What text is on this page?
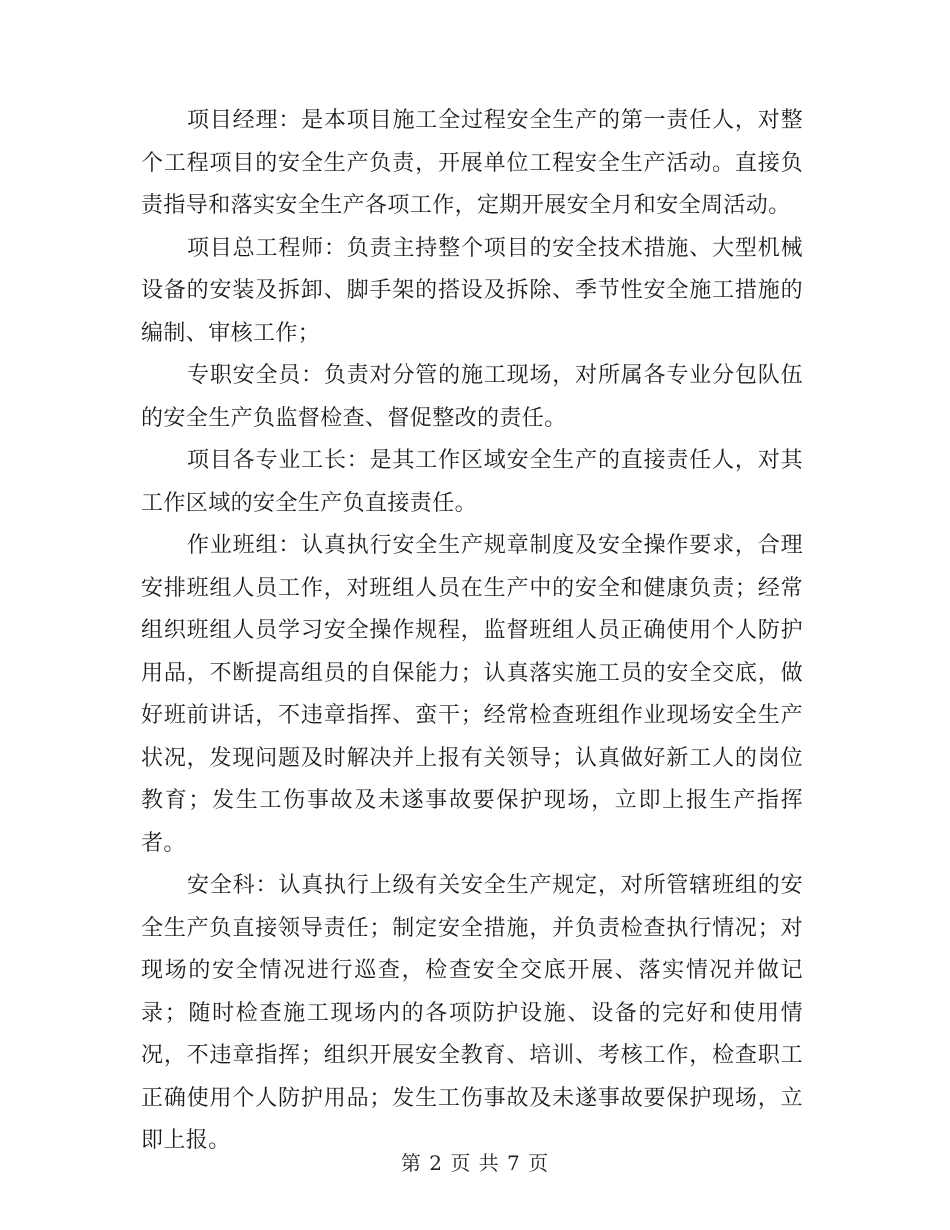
项目经理：是本项目施工全过程安全生产的第一责任人，对整个工程项目的安全生产负责，开展单位工程安全生产活动。直接负责指导和落实安全生产各项工作，定期开展安全月和安全周活动。

项目总工程师：负责主持整个项目的安全技术措施、大型机械设备的安装及拆卸、脚手架的搭设及拆除、季节性安全施工措施的编制、审核工作；

专职安全员：负责对分管的施工现场，对所属各专业分包队伍的安全生产负监督检查、督促整改的责任。

项目各专业工长：是其工作区域安全生产的直接责任人，对其工作区域的安全生产负直接责任。

作业班组：认真执行安全生产规章制度及安全操作要求，合理安排班组人员工作，对班组人员在生产中的安全和健康负责；经常组织班组人员学习安全操作规程，监督班组人员正确使用个人防护用品，不断提高组员的自保能力；认真落实施工员的安全交底，做好班前讲话，不违章指挥、蛮干；经常检查班组作业现场安全生产状况，发现问题及时解决并上报有关领导；认真做好新工人的岗位教育；发生工伤事故及未遂事故要保护现场，立即上报生产指挥者。

安全科：认真执行上级有关安全生产规定，对所管辖班组的安全生产负直接领导责任；制定安全措施，并负责检查执行情况；对现场的安全情况进行巡查，检查安全交底开展、落实情况并做记录；随时检查施工现场内的各项防护设施、设备的完好和使用情况，不违章指挥；组织开展安全教育、培训、考核工作，检查职工正确使用个人防护用品；发生工伤事故及未遂事故要保护现场，立即上报。

第 2 页 共 7 页
